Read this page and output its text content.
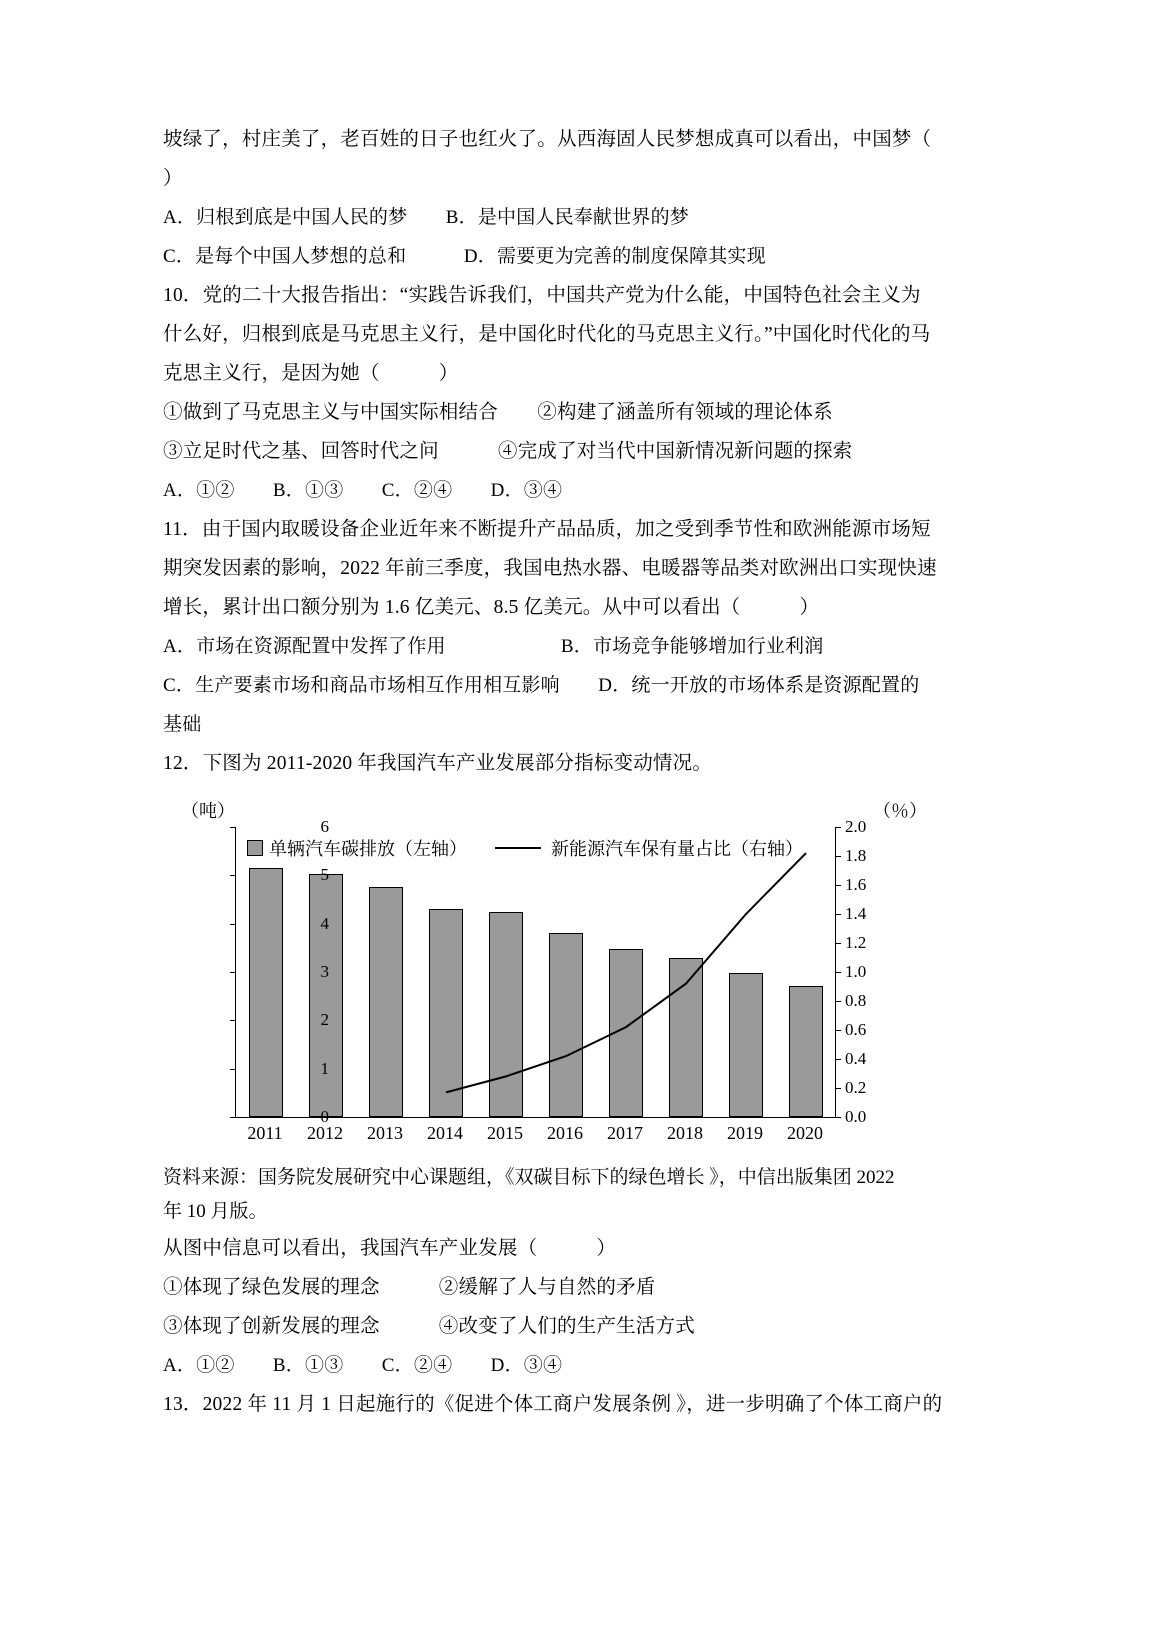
坡绿了，村庄美了，老百姓的日子也红火了。从西海固人民梦想成真可以看出，中国梦（
）
A．归根到底是中国人民的梦　　B．是中国人民奉献世界的梦
C．是每个中国人梦想的总和　　　D．需要更为完善的制度保障其实现
10．党的二十大报告指出：“实践告诉我们，中国共产党为什么能，中国特色社会主义为
什么好，归根到底是马克思主义行，是中国化时代化的马克思主义行。”中国化时代化的马
克思主义行，是因为她（　　　）
①做到了马克思主义与中国实际相结合　　②构建了涵盖所有领域的理论体系
③立足时代之基、回答时代之问　　　④完成了对当代中国新情况新问题的探索
A．①②　　B．①③　　C．②④　　D．③④
11．由于国内取暖设备企业近年来不断提升产品品质，加之受到季节性和欧洲能源市场短
期突发因素的影响，2022 年前三季度，我国电热水器、电暖器等品类对欧洲出口实现快速
增长，累计出口额分别为 1.6 亿美元、8.5 亿美元。从中可以看出（　　　）
A．市场在资源配置中发挥了作用　　　　　　B．市场竞争能够增加行业利润
C．生产要素市场和商品市场相互作用相互影响　　D．统一开放的市场体系是资源配置的
基础
12．下图为 2011-2020 年我国汽车产业发展部分指标变动情况。
（吨）	（％）
单辆汽车碳排放（左轴）	新能源汽车保有量占比（右轴）
0
1
2
3
4
5
6
0.0
0.2
0.4
0.6
0.8
1.0
1.2
1.4
1.6
1.8
2.0
2011	2012	2013	2014	2015	2016	2017	2018	2019	2020
资料来源：国务院发展研究中心课题组，《双碳目标下的绿色增长 》，中信出版集团 2022
年 10 月版。
从图中信息可以看出，我国汽车产业发展（　　　）
①体现了绿色发展的理念　　　②缓解了人与自然的矛盾
③体现了创新发展的理念　　　④改变了人们的生产生活方式
A．①②　　B．①③　　C．②④　　D．③④
13．2022 年 11 月 1 日起施行的《促进个体工商户发展条例 》，进一步明确了个体工商户的
